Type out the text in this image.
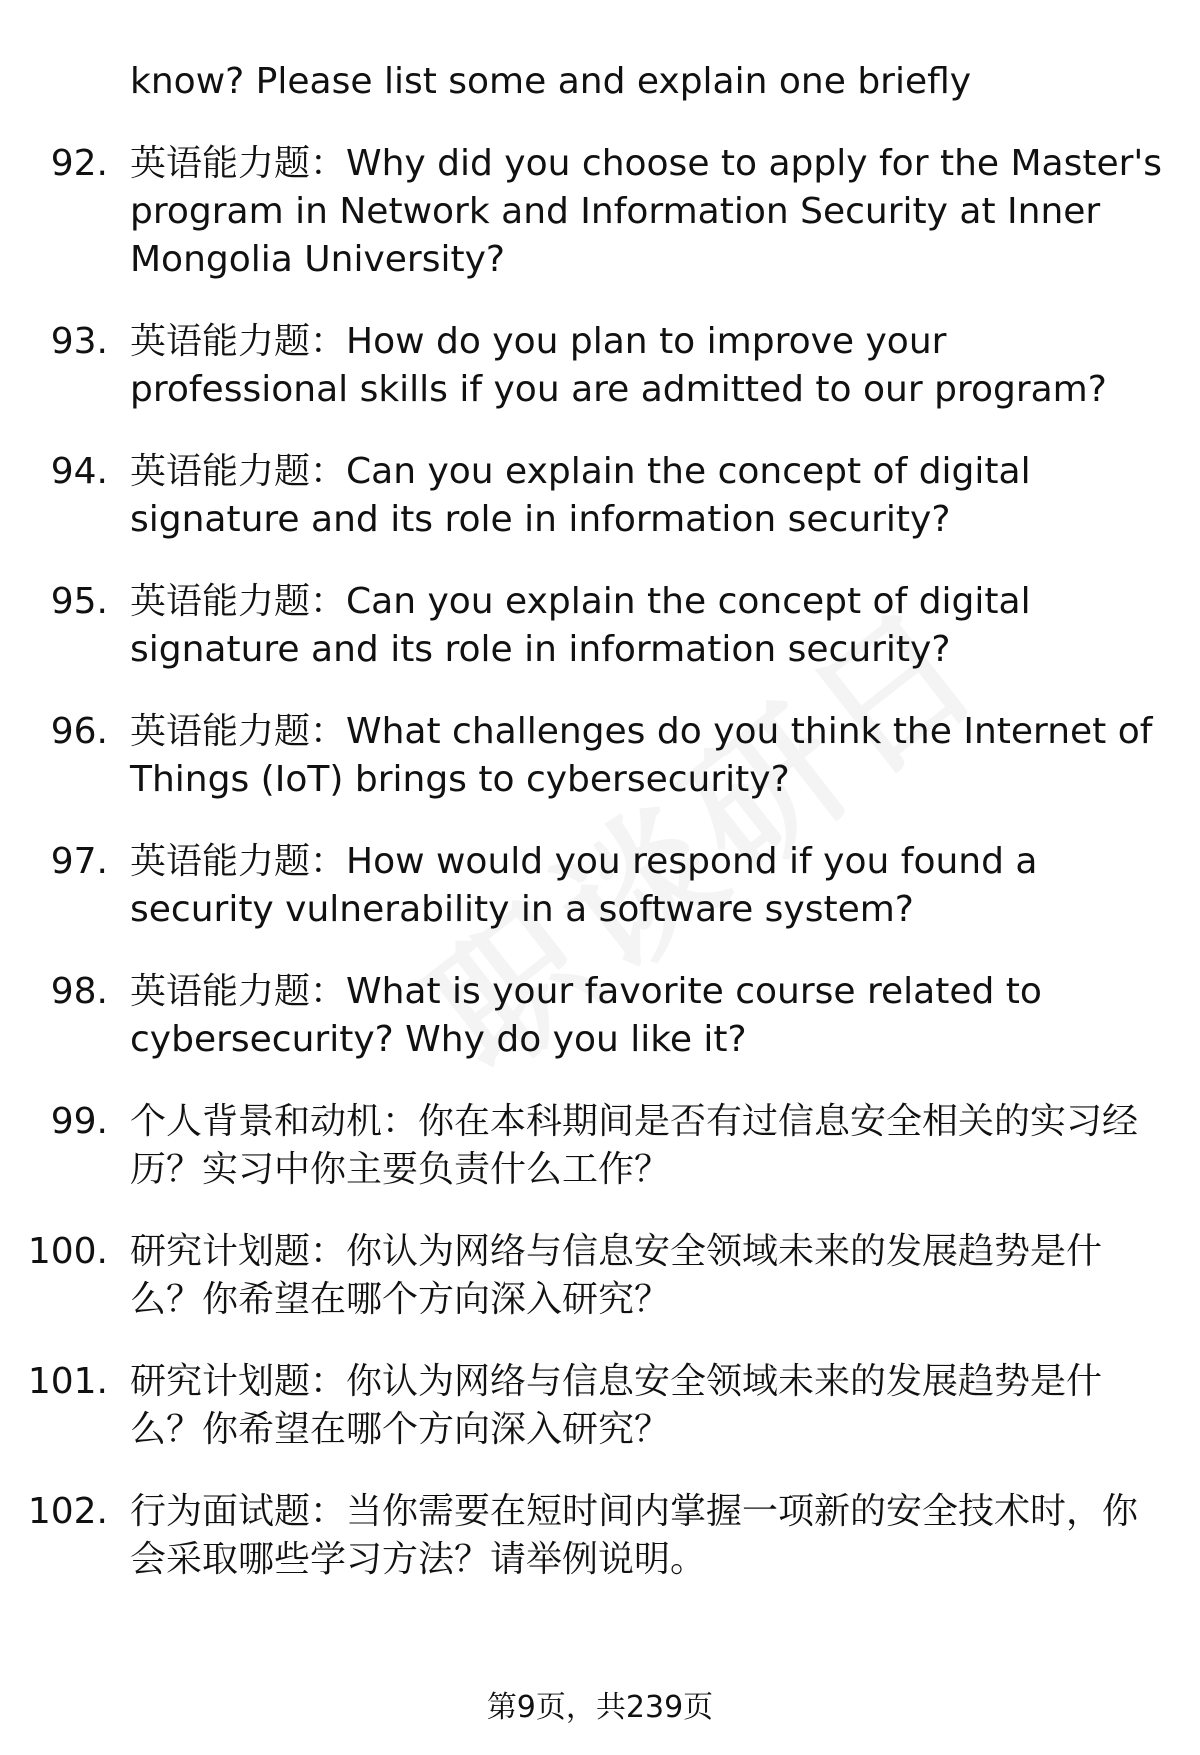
know? Please list some and explain one briefly
92. 英语能力题：Why did you choose to apply for the Master's program in Network and Information Security at Inner Mongolia University?
93. 英语能力题：How do you plan to improve your professional skills if you are admitted to our program?
94. 英语能力题：Can you explain the concept of digital signature and its role in information security?
95. 英语能力题：Can you explain the concept of digital signature and its role in information security?
96. 英语能力题：What challenges do you think the Internet of Things (IoT) brings to cybersecurity?
97. 英语能力题：How would you respond if you found a security vulnerability in a software system?
98. 英语能力题：What is your favorite course related to cybersecurity? Why do you like it?
99. 个人背景和动机：你在本科期间是否有过信息安全相关的实习经历？实习中你主要负责什么工作？
100. 研究计划题：你认为网络与信息安全领域未来的发展趋势是什么？你希望在哪个方向深入研究？
101. 研究计划题：你认为网络与信息安全领域未来的发展趋势是什么？你希望在哪个方向深入研究？
102. 行为面试题：当你需要在短时间内掌握一项新的安全技术时，你会采取哪些学习方法？请举例说明。
第9页，共239页
